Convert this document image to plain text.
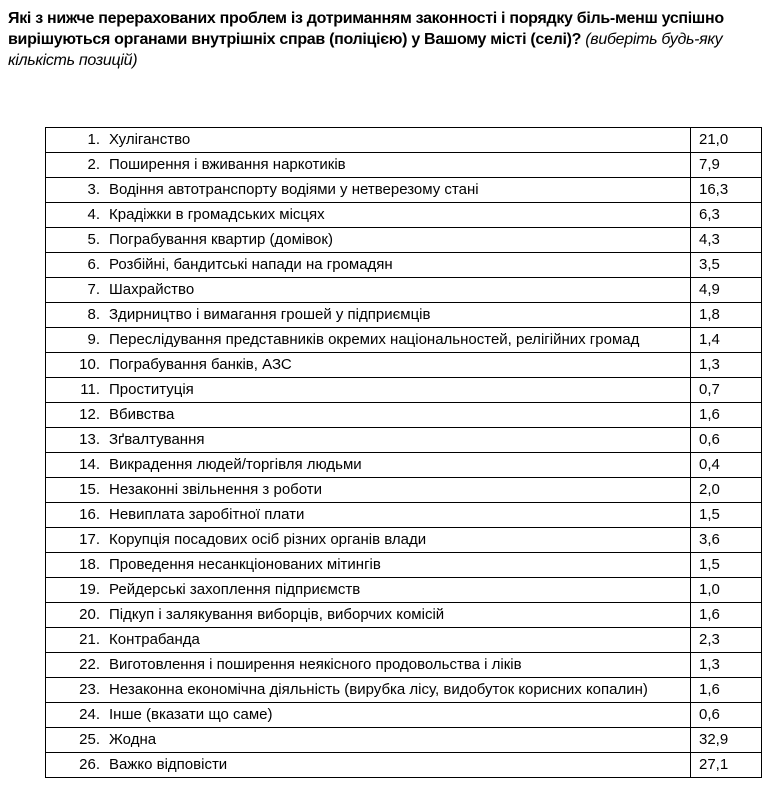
Які з нижче перерахованих проблем із дотриманням законності і порядку біль-менш успішно вирішуються органами внутрішніх справ (поліцією) у Вашому місті (селі)? (виберіть будь-яку кількість позицій)
1. Хуліганство	21,0
2. Поширення і вживання наркотиків	7,9
3. Водіння автотранспорту водіями у нетверезому стані	16,3
4. Крадіжки в громадських місцях	6,3
5. Пограбування квартир (домівок)	4,3
6. Розбійні, бандитські напади на громадян	3,5
7. Шахрайство	4,9
8. Здирництво і вимагання грошей у підприємців	1,8
9. Переслідування представників окремих національностей, релігійних громад	1,4
10. Пограбування банків, АЗС	1,3
11. Проституція	0,7
12. Вбивства	1,6
13. Зґвалтування	0,6
14. Викрадення людей/торгівля людьми	0,4
15. Незаконні звільнення з роботи	2,0
16. Невиплата заробітної плати	1,5
17. Корупція посадових осіб різних органів влади	3,6
18. Проведення несанкціонованих мітингів	1,5
19. Рейдерські захоплення підприємств	1,0
20. Підкуп і залякування виборців, виборчих комісій	1,6
21. Контрабанда	2,3
22. Виготовлення і поширення неякісного продовольства і ліків	1,3
23. Незаконна економічна діяльність (вирубка лісу, видобуток корисних копалин)	1,6
24. Інше (вказати що саме)	0,6
25. Жодна	32,9
26. Важко відповісти	27,1
